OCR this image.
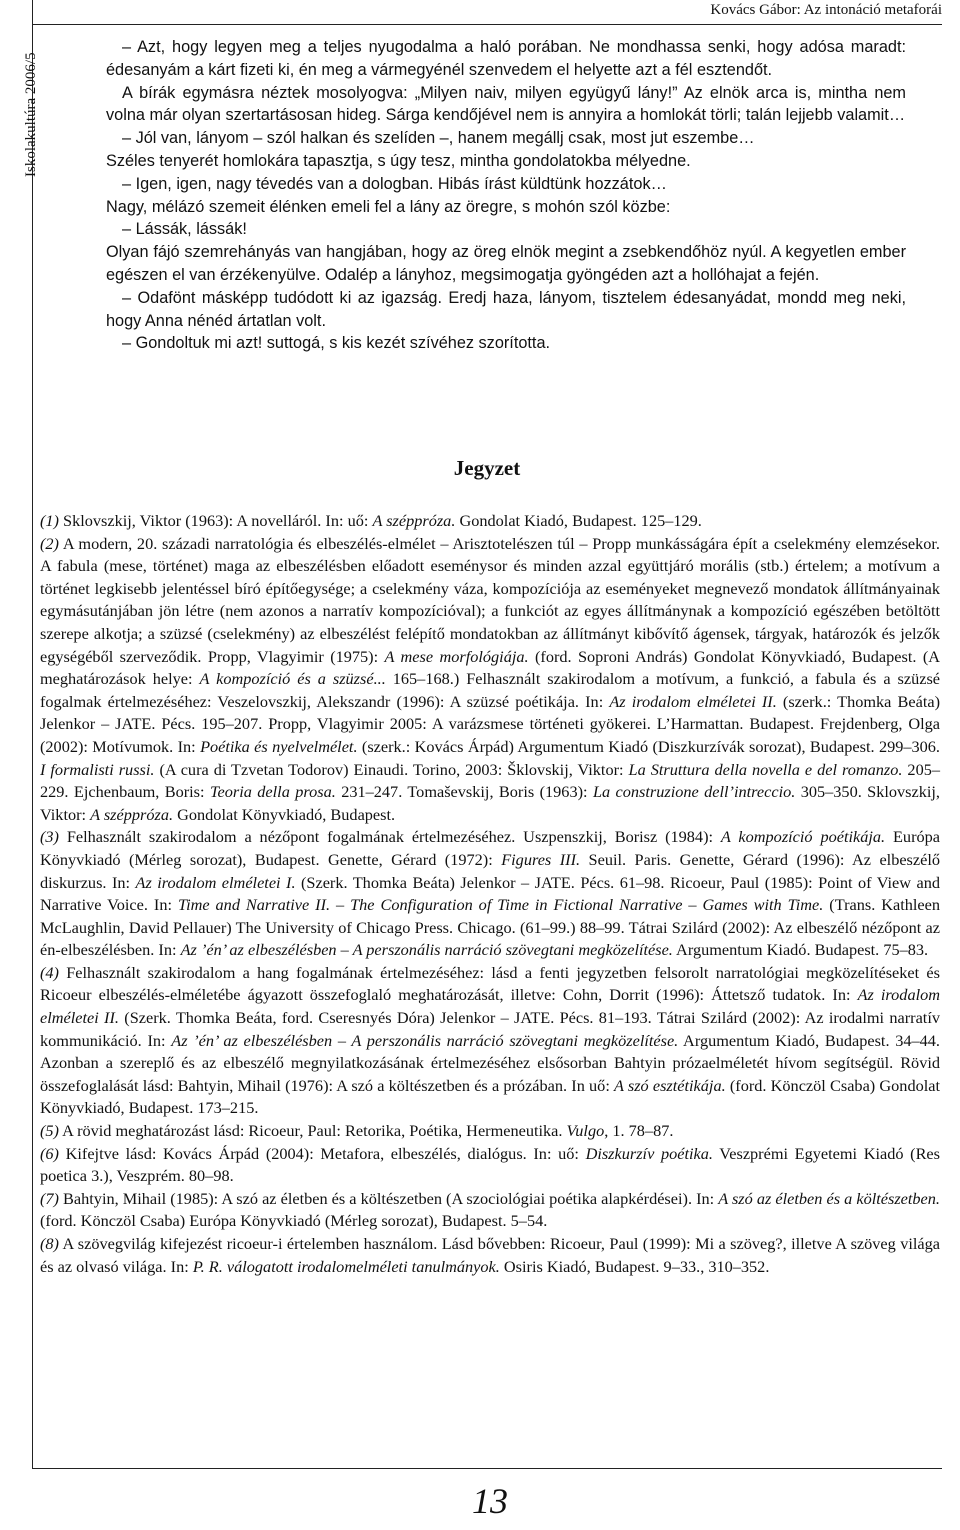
Iskolakultúra 2006/5
Kovács Gábor: Az intonáció metaforái

– Azt, hogy legyen meg a teljes nyugodalma a haló porában. Ne mondhassa senki, hogy adósa maradt: édesanyám a kárt fizeti ki, én meg a vármegyénél szenvedem el helyette azt a fél esztendőt.

A bírák egymásra néztek mosolyogva: „Milyen naiv, milyen együgyű lány!” Az elnök arca is, mintha nem volna már olyan szertartásosan hideg. Sárga kendőjével nem is annyira a homlokát törli; talán lejjebb valamit…

– Jól van, lányom – szól halkan és szelíden –, hanem megállj csak, most jut eszembe…

Széles tenyerét homlokára tapasztja, s úgy tesz, mintha gondolatokba mélyedne.

– Igen, igen, nagy tévedés van a dologban. Hibás írást küldtünk hozzátok…

Nagy, mélázó szemeit élénken emeli fel a lány az öregre, s mohón szól közbe:

– Lássák, lássák!

Olyan fájó szemrehányás van hangjában, hogy az öreg elnök megint a zsebkendőhöz nyúl. A kegyetlen ember egészen el van érzékenyülve. Odalép a lányhoz, megsimogatja gyöngéden azt a hollóhajat a fején.

– Odafönt másképp tudódott ki az igazság. Eredj haza, lányom, tisztelem édesanyádat, mondd meg neki, hogy Anna nénéd ártatlan volt.

– Gondoltuk mi azt! suttogá, s kis kezét szívéhez szorította.

Jegyzet

(1) Sklovszkij, Viktor (1963): A novelláról. In: uő: A széppróza. Gondolat Kiadó, Budapest. 125–129.

(2) A modern, 20. századi narratológia és elbeszélés-elmélet – Arisztotelészen túl – Propp munkásságára épít a cselekmény elemzésekor. A fabula (mese, történet) maga az elbeszélésben előadott eseménysor és minden azzal együttjáró morális (stb.) értelem; a motívum a történet legkisebb jelentéssel bíró építőegysége; a cselekmény váza, kompozíciója az eseményeket megnevező mondatok állítmányainak egymásutánjában jön létre (nem azonos a narratív kompozícióval); a funkciót az egyes állítmánynak a kompozíció egészében betöltött szerepe alkotja; a szüzsé (cselekmény) az elbeszélést felépítő mondatokban az állítmányt kibővítő ágensek, tárgyak, határozók és jelzők egységéből szerveződik. Propp, Vlagyimir (1975): A mese morfológiája. (ford. Soproni András) Gondolat Könyvkiadó, Budapest. (A meghatározások helye: A kompozíció és a szüzsé... 165–168.) Felhasznált szakirodalom a motívum, a funkció, a fabula és a szüzsé fogalmak értelmezéséhez: Veszelovszkij, Alekszandr (1996): A szüzsé poétikája. In: Az irodalom elméletei II. (szerk.: Thomka Beáta) Jelenkor – JATE. Pécs. 195–207. Propp, Vlagyimir 2005: A varázsmese történeti gyökerei. L’Harmattan. Budapest. Frejdenberg, Olga (2002): Motívumok. In: Poétika és nyelvelmélet. (szerk.: Kovács Árpád) Argumentum Kiadó (Diszkurzívák sorozat), Budapest. 299–306. I formalisti russi. (A cura di Tzvetan Todorov) Einaudi. Torino, 2003: Šklovskij, Viktor: La Struttura della novella e del romanzo. 205–229. Ejchenbaum, Boris: Teoria della prosa. 231–247. Tomaševskij, Boris (1963): La construzione dell’intreccio. 305–350. Sklovszkij, Viktor: A széppróza. Gondolat Könyvkiadó, Budapest.

(3) Felhasznált szakirodalom a nézőpont fogalmának értelmezéséhez. Uszpenszkij, Borisz (1984): A kompozíció poétikája. Európa Könyvkiadó (Mérleg sorozat), Budapest. Genette, Gérard (1972): Figures III. Seuil. Paris. Genette, Gérard (1996): Az elbeszélő diskurzus. In: Az irodalom elméletei I. (Szerk. Thomka Beáta) Jelenkor – JATE. Pécs. 61–98. Ricoeur, Paul (1985): Point of View and Narrative Voice. In: Time and Narrative II. – The Configuration of Time in Fictional Narrative – Games with Time. (Trans. Kathleen McLaughlin, David Pellauer) The University of Chicago Press. Chicago. (61–99.) 88–99. Tátrai Szilárd (2002): Az elbeszélő nézőpont az én-elbeszélésben. In: Az ’én’ az elbeszélésben – A perszonális narráció szövegtani megközelítése. Argumentum Kiadó. Budapest. 75–83.

(4) Felhasznált szakirodalom a hang fogalmának értelmezéséhez: lásd a fenti jegyzetben felsorolt narratológiai megközelítéseket és Ricoeur elbeszélés-elméletébe ágyazott összefoglaló meghatározását, illetve: Cohn, Dorrit (1996): Áttetsző tudatok. In: Az irodalom elméletei II. (Szerk. Thomka Beáta, ford. Cseresnyés Dóra) Jelenkor – JATE. Pécs. 81–193. Tátrai Szilárd (2002): Az irodalmi narratív kommunikáció. In: Az ’én’ az elbeszélésben – A perszonális narráció szövegtani megközelítése. Argumentum Kiadó, Budapest. 34–44. Azonban a szereplő és az elbeszélő megnyilatkozásának értelmezéséhez elsősorban Bahtyin prózaelméletét hívom segítségül. Rövid összefoglalását lásd: Bahtyin, Mihail (1976): A szó a költészetben és a prózában. In uő: A szó esztétikája. (ford. Könczöl Csaba) Gondolat Könyvkiadó, Budapest. 173–215.

(5) A rövid meghatározást lásd: Ricoeur, Paul: Retorika, Poétika, Hermeneutika. Vulgo, 1. 78–87.

(6) Kifejtve lásd: Kovács Árpád (2004): Metafora, elbeszélés, dialógus. In: uő: Diszkurzív poétika. Veszprémi Egyetemi Kiadó (Res poetica 3.), Veszprém. 80–98.

(7) Bahtyin, Mihail (1985): A szó az életben és a költészetben (A szociológiai poétika alapkérdései). In: A szó az életben és a költészetben. (ford. Könczöl Csaba) Európa Könyvkiadó (Mérleg sorozat), Budapest. 5–54.

(8) A szövegvilág kifejezést ricoeur-i értelemben használom. Lásd bővebben: Ricoeur, Paul (1999): Mi a szöveg?, illetve A szöveg világa és az olvasó világa. In: P. R. válogatott irodalomelméleti tanulmányok. Osiris Kiadó, Budapest. 9–33., 310–352.

13
